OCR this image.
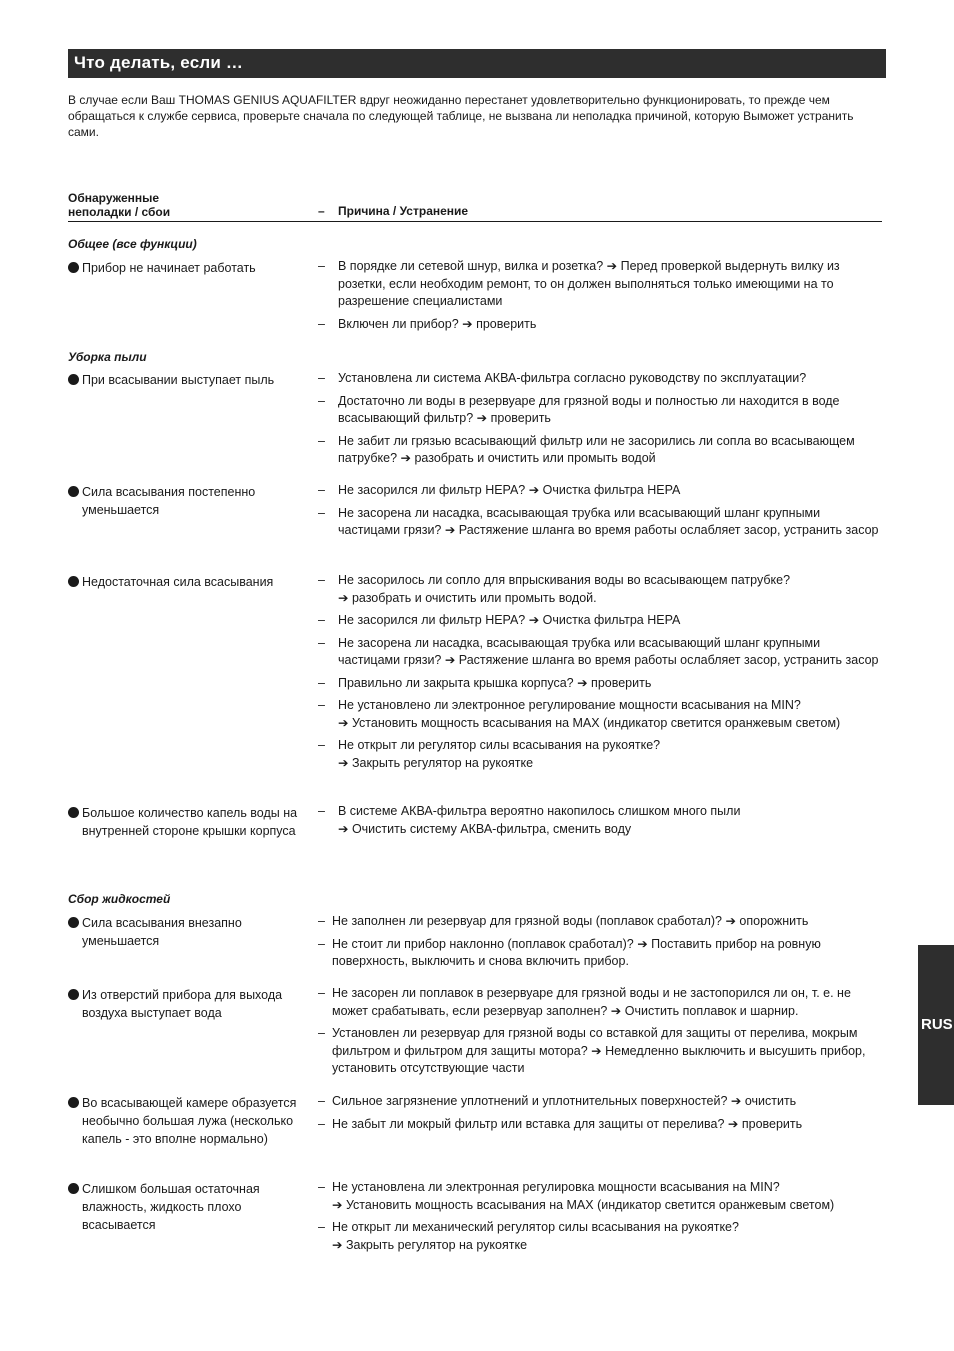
Что делать, если …

В случае если Ваш THOMAS GENIUS AQUAFILTER вдруг неожиданно перестанет удовлетворительно функционировать, то прежде чем обращаться к службе сервиса, проверьте сначала по следующей таблице, не вызвана ли неполадка причиной, которую Выможет устранить сами.

Обнаруженные
неполадки / сбои	– Причина / Устранение
Общее (все функции)
Уборка пыли
Сбор жидкостей
Прибор не начинает работать	– В порядке ли сетевой шнур, вилка и розетка? ➔ Перед проверкой выдернуть вилку из розетки, если необходим ремонт, то он должен выполняться только имеющими на то разрешение специалистами
– Включен ли прибор? ➔ проверить
При всасывании выступает пыль	– Установлена ли система АКВА-фильтра согласно руководству по эксплуатации?
– Достаточно ли воды в резервуаре для грязной воды и полностью ли находится в воде всасывающий фильтр? ➔ проверить
– Не забит ли грязью всасывающий фильтр или не засорились ли сопла во всасывающем патрубке? ➔ разобрать и очистить или промыть водой
Сила всасывания постепенно уменьшается
– Не засорился ли фильтр HEPA? ➔ Очистка фильтра HEPA
– Не засорена ли насадка, всасывающая трубка или всасывающий шланг крупными частицами грязи? ➔ Растяжение шланга во время работы ослабляет засор, устранить засор
Недостаточная сила всасывания	– Не засорилось ли сопло для впрыскивания воды во всасывающем патрубке?
➔ разобрать и очистить или промыть водой.
– Не засорился ли фильтр HEPA? ➔ Очистка фильтра HEPA
– Не засорена ли насадка, всасывающая трубка или всасывающий шланг крупными частицами грязи? ➔ Растяжение шланга во время работы ослабляет засор, устранить засор
– Правильно ли закрыта крышка корпуса? ➔ проверить
– Не установлено ли электронное регулирование мощности всасывания на MIN?
➔ Установить мощность всасывания на MAX (индикатор светится оранжевым светом)
– Не открыт ли регулятор силы всасывания на рукоятке?
➔ Закрыть регулятор на рукоятке
Большое количество капель воды на внутренней стороне крышки корпуса
– В системе АКВА-фильтра вероятно накопилось слишком много пыли
➔ Очистить систему АКВА-фильтра, сменить воду
Сила всасывания внезапно уменьшается
– Не заполнен ли резервуар для грязной воды (поплавок сработал)? ➔ опорожнить
– Не стоит ли прибор наклонно (поплавок сработал)? ➔ Поставить прибор на ровную поверхность, выключить и снова включить прибор.
Из отверстий прибора для выхода воздуха выступает вода
– Не засорен ли поплавок в резервуаре для грязной воды и не застопорился ли он, т. е. не может срабатывать, если резервуар заполнен? ➔ Очистить поплавок и шарнир.
– Установлен ли резервуар для грязной воды со вставкой для защиты от перелива, мокрым фильтром и фильтром для защиты мотора? ➔ Немедленно выключить и высушить прибор, установить отсутствующие части
Во всасывающей камере образуется необычно большая лужа (несколько капель - это вполне нормально)
– Сильное загрязнение уплотнений и уплотнительных поверхностей? ➔ очистить
– Не забыт ли мокрый фильтр или вставка для защиты от перелива? ➔ проверить
Слишком большая остаточная влажность, жидкость плохо всасывается
– Не установлена ли электронная регулировка мощности всасывания на MIN?
➔ Установить мощность всасывания на MAX (индикатор светится оранжевым светом)
– Не открыт ли механический регулятор силы всасывания на рукоятке?
➔ Закрыть регулятор на рукоятке
RUS
